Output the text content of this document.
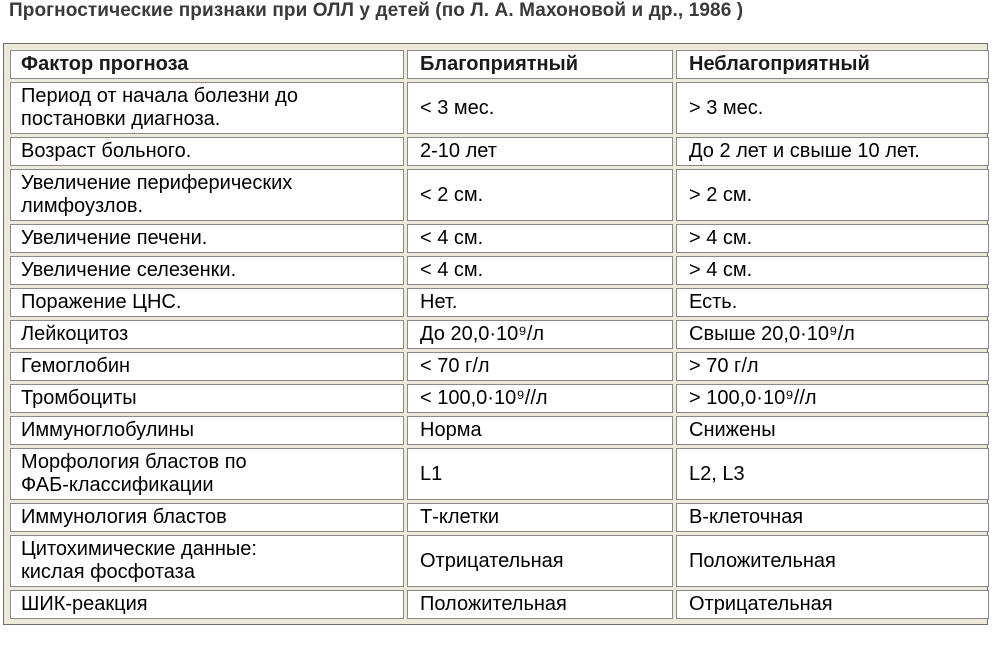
Прогностические признаки при ОЛЛ у детей (по Л. А. Махоновой и др., 1986 )
Фактор прогноза	Благоприятный	Неблагоприятный
Период от начала болезни до
постановки диагноза.	< 3 мес.	> 3 мес.
Возраст больного.	2-10 лет	До 2 лет и свыше 10 лет.
Увеличение периферических
лимфоузлов.	< 2 см.	> 2 см.
Увеличение печени.	< 4 см.	> 4 см.
Увеличение селезенки.	< 4 см.	> 4 см.
Поражение ЦНС.	Нет.	Есть.
Лейкоцитоз	До 20,0·10⁹/л	Свыше 20,0·10⁹/л
Гемоглобин	< 70 г/л	> 70 г/л
Тромбоциты	< 100,0·10⁹//л	> 100,0·10⁹//л
Иммуноглобулины	Норма	Снижены
Морфология бластов по
ФАБ-классификации	L1	L2, L3
Иммунология бластов	Т-клетки	В-клеточная
Цитохимические данные:
кислая фосфотаза	Отрицательная	Положительная
ШИК-реакция	Положительная	Отрицательная
